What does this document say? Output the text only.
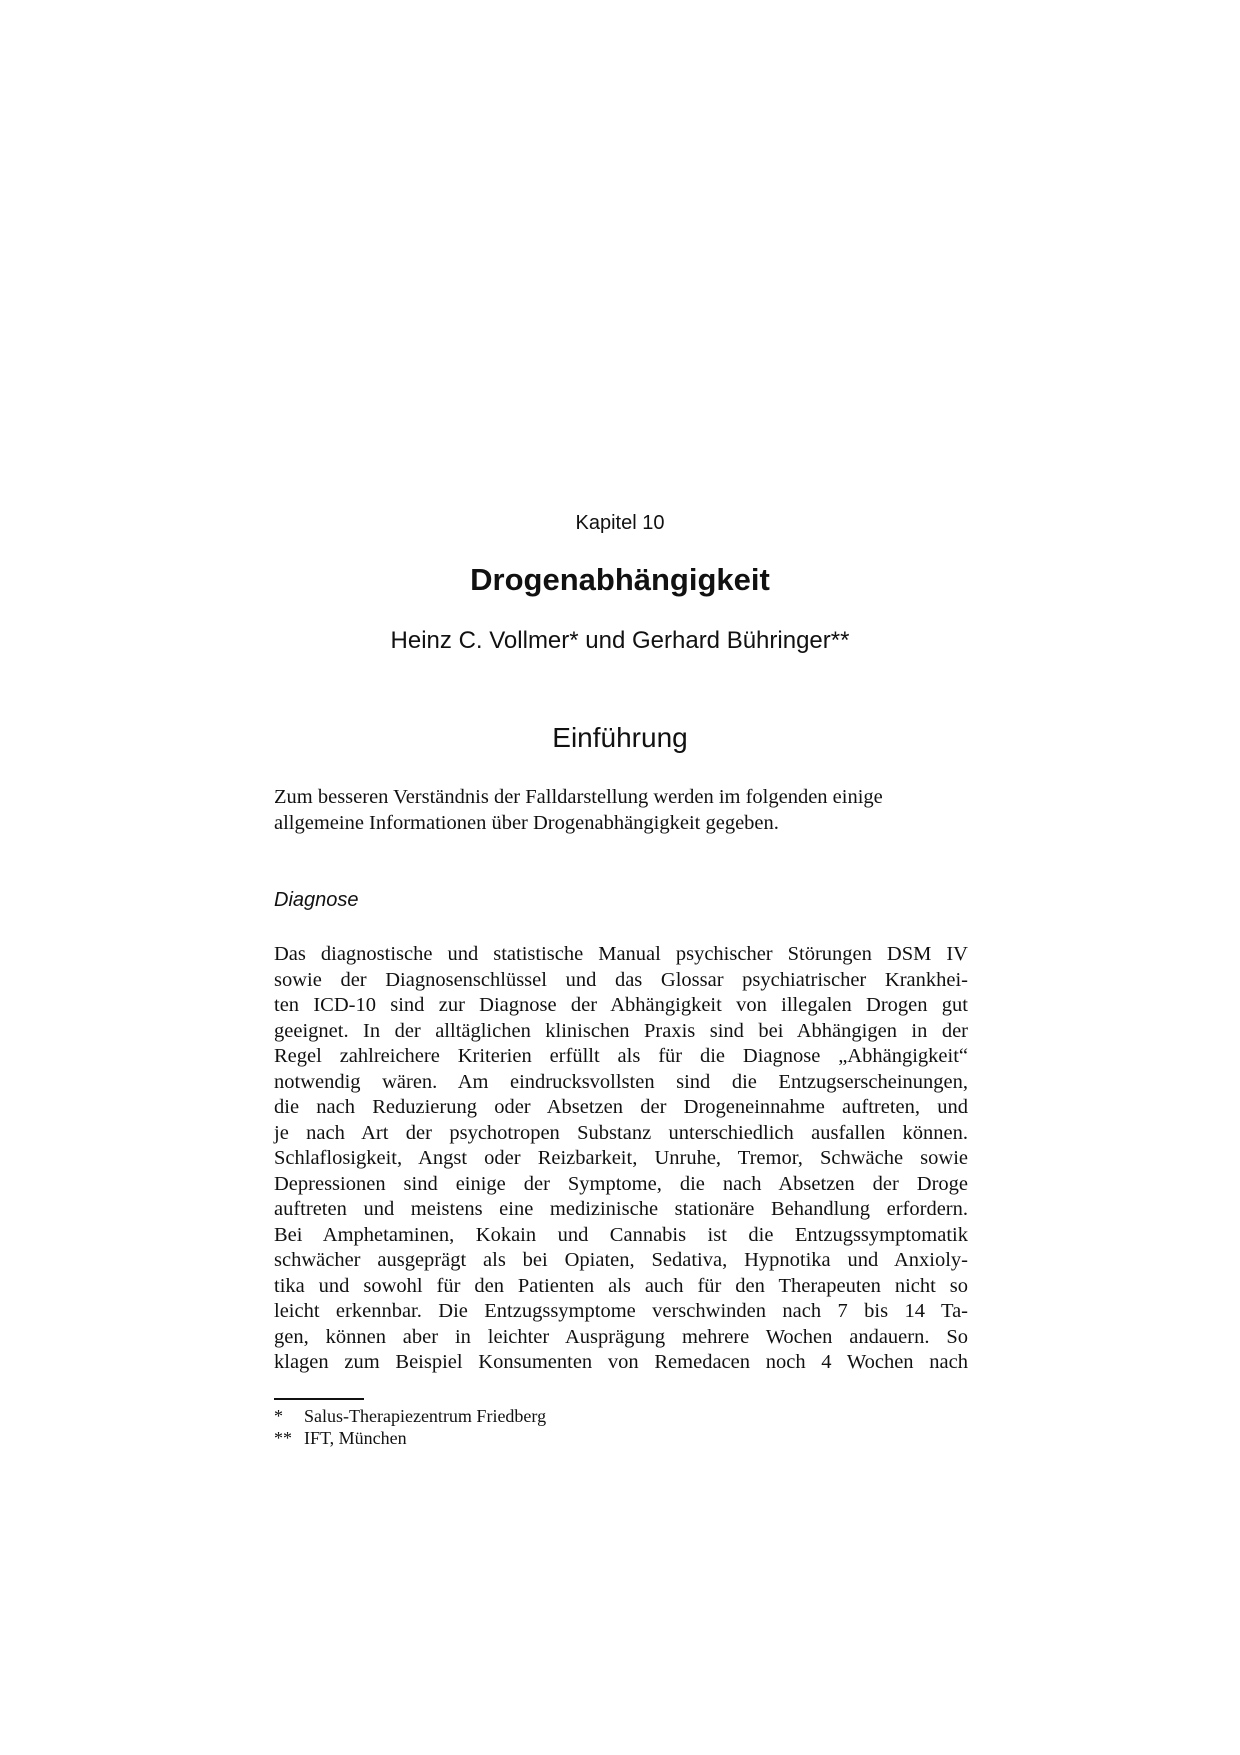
Kapitel 10
Drogenabhängigkeit
Heinz C. Vollmer* und Gerhard Bühringer**
Einführung
Zum besseren Verständnis der Falldarstellung werden im folgenden einige
allgemeine Informationen über Drogenabhängigkeit gegeben.
Diagnose
Das diagnostische und statistische Manual psychischer Störungen DSM IV
sowie der Diagnosenschlüssel und das Glossar psychiatrischer Krankhei-
ten ICD-10 sind zur Diagnose der Abhängigkeit von illegalen Drogen gut
geeignet. In der alltäglichen klinischen Praxis sind bei Abhängigen in der
Regel zahlreichere Kriterien erfüllt als für die Diagnose „Abhängigkeit“
notwendig wären. Am eindrucksvollsten sind die Entzugserscheinungen,
die nach Reduzierung oder Absetzen der Drogeneinnahme auftreten, und
je nach Art der psychotropen Substanz unterschiedlich ausfallen können.
Schlaflosigkeit, Angst oder Reizbarkeit, Unruhe, Tremor, Schwäche sowie
Depressionen sind einige der Symptome, die nach Absetzen der Droge
auftreten und meistens eine medizinische stationäre Behandlung erfordern.
Bei Amphetaminen, Kokain und Cannabis ist die Entzugssymptomatik
schwächer ausgeprägt als bei Opiaten, Sedativa, Hypnotika und Anxioly-
tika und sowohl für den Patienten als auch für den Therapeuten nicht so
leicht erkennbar. Die Entzugssymptome verschwinden nach 7 bis 14 Ta-
gen, können aber in leichter Ausprägung mehrere Wochen andauern. So
klagen zum Beispiel Konsumenten von Remedacen noch 4 Wochen nach
* Salus-Therapiezentrum Friedberg
** IFT, München
